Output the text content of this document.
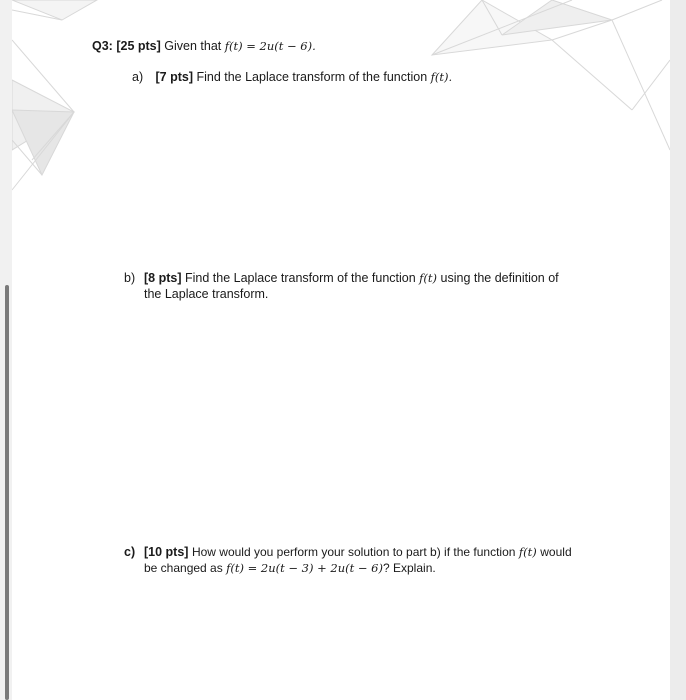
Q3: [25 pts] Given that f(t) = 2u(t − 6).
a) [7 pts] Find the Laplace transform of the function f(t).
b) [8 pts] Find the Laplace transform of the function f(t) using the definition of
the Laplace transform.
c) [10 pts] How would you perform your solution to part b) if the function f(t) would
be changed as f(t) = 2u(t − 3) + 2u(t − 6)? Explain.
